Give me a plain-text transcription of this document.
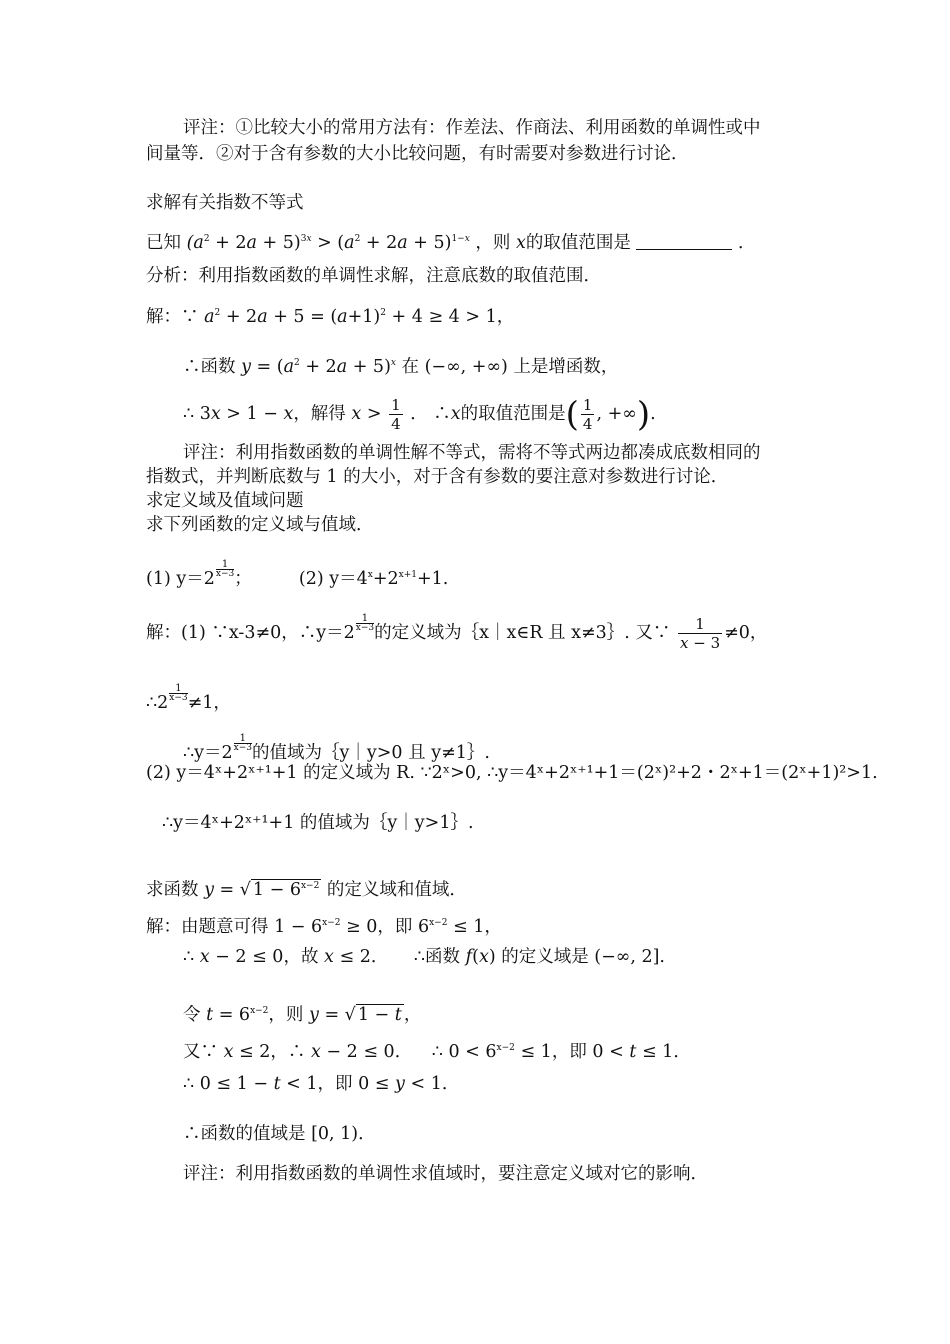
评注：①比较大小的常用方法有：作差法、作商法、利用函数的单调性或中
间量等．②对于含有参数的大小比较问题，有时需要对参数进行讨论．
求解有关指数不等式
已知 $(a^2 + 2a + 5)^{3x} > (a^2 + 2a + 5)^{1-x}$ ，则 x的取值范围是	．
分析：利用指数函数的单调性求解，注意底数的取值范围．
解：∵ $a^2 + 2a + 5 = (a+1)^2 + 4 \ge 4 > 1$，
∴函数 $y = (a^2 + 2a + 5)^x$ 在 (−∞, +∞) 上是增函数，
∴ 3x > 1 − x，解得 $x > \frac{1}{4}$ ． ∴x的取值范围是( $\frac{1}{4}$ , +∞).
评注：利用指数函数的单调性解不等式，需将不等式两边都凑成底数相同的
指数式，并判断底数与 1 的大小，对于含有参数的要注意对参数进行讨论．
求定义域及值域问题
求下列函数的定义域与值域．
(1) $y=2 \frac{1}{x-3}$ ；	(2) $y=4^x+2^{x+1}+1$.
解：(1) ∵x-3≠0，∴y＝2 $\frac{1}{x-3}$ 的定义域为｛x｜x∈R 且 x≠3｝. 又∵ $\frac{1}{x - 3} \ne 0$，
∴2 $\frac{1}{x-3} \ne 1$，
∴y＝2 $\frac{1}{x-3}$ 的值域为｛y｜y>0 且 y≠1｝.
(2) y＝4ˣ+2ˣ⁺¹+1 的定义域为 R. ∵2ˣ>0, ∴y＝4ˣ+2ˣ⁺¹+1＝(2ˣ)²+2・2ˣ+1＝(2ˣ+1)²>1.
∴y＝4ˣ+2ˣ⁺¹+1 的值域为｛y｜y>1｝.
求函数 y = √ $1 - 6^{x-2}$ 的定义域和值域．
解：由题意可得 $1 - 6^{x-2} \ge 0$，即 $6^{x-2} \le 1$，
∴ x − 2 ≤ 0，故 x ≤ 2． ∴函数 f(x) 的定义域是 (−∞, 2].
令 $t = 6^{x-2}$，则 y = √ 1 − t ，
又∵ x ≤ 2，∴ x − 2 ≤ 0． ∴ $0 < 6^{x-2} \le 1$，即 0 < t ≤ 1．
∴ 0 ≤ 1 − t < 1，即 0 ≤ y < 1．
∴函数的值域是 [0, 1)．
评注：利用指数函数的单调性求值域时，要注意定义域对它的影响．
